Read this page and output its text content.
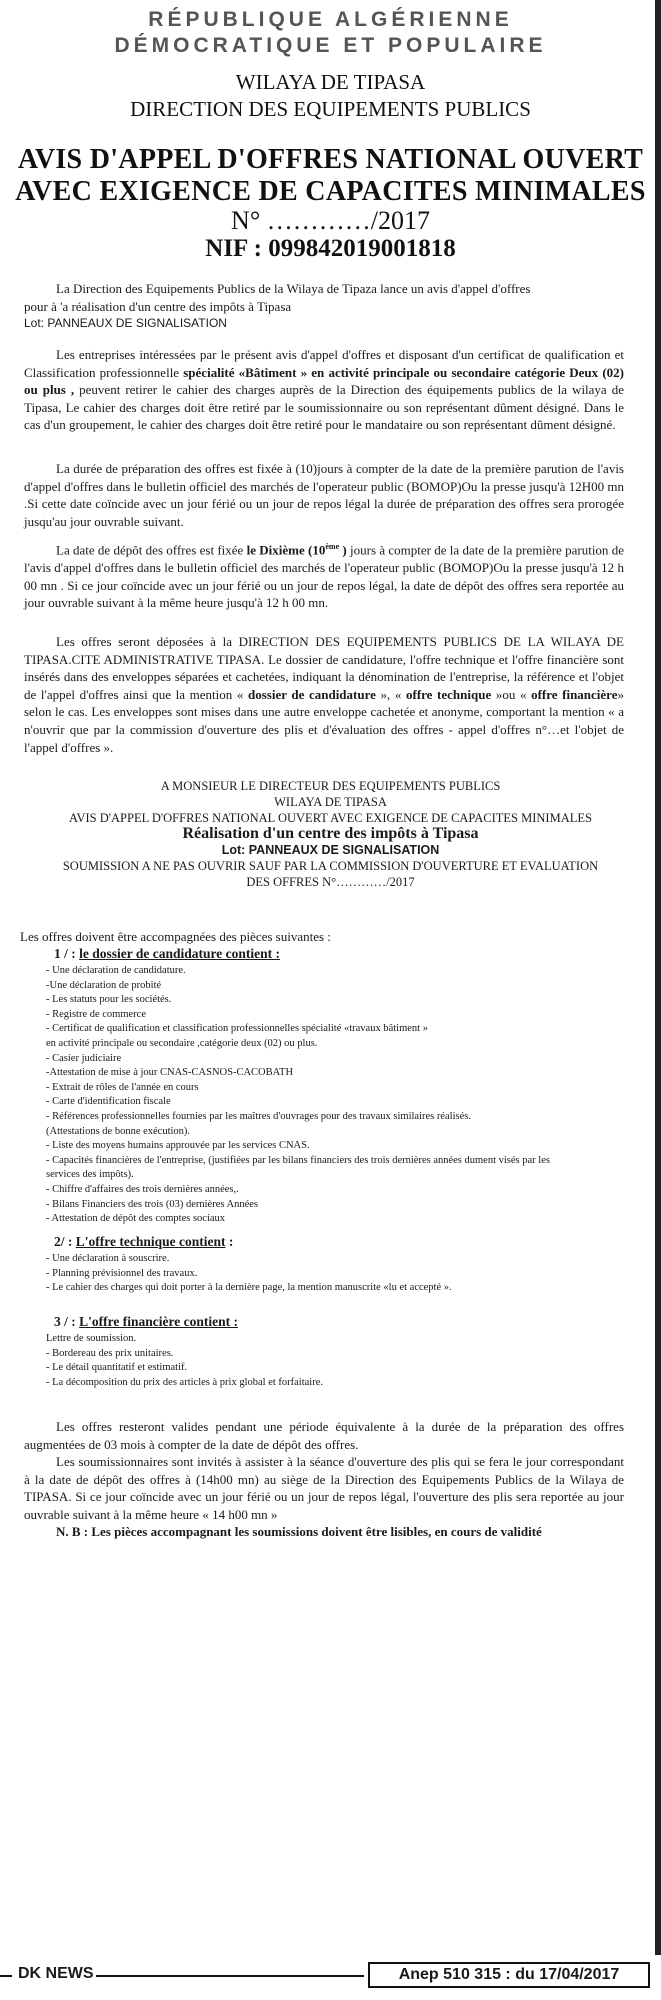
RÉPUBLIQUE ALGÉRIENNE
DÉMOCRATIQUE ET POPULAIRE
WILAYA DE TIPASA
DIRECTION DES EQUIPEMENTS PUBLICS
AVIS D'APPEL D'OFFRES NATIONAL OUVERT
AVEC EXIGENCE DE CAPACITES MINIMALES
N° …………/2017
NIF : 099842019001818

La Direction des Equipements Publics de la Wilaya de Tipaza lance un avis d'appel d'offres

pour à 'a réalisation d'un centre des impôts à Tipasa

Lot: PANNEAUX DE SIGNALISATION

Les entreprises intéressées par le présent avis d'appel d'offres et disposant d'un certificat de qualification et Classification professionnelle spécialité «Bâtiment » en activité principale ou secondaire catégorie Deux (02) ou plus , peuvent retirer le cahier des charges auprès de la Direction des équipements publics de la wilaya de Tipasa, Le cahier des charges doit être retiré par le soumissionnaire ou son représentant dûment désigné. Dans le cas d'un groupement, le cahier des charges doit être retiré pour le mandataire ou son représentant dûment désigné.

La durée de préparation des offres est fixée à (10)jours à compter de la date de la première parution de l'avis d'appel d'offres dans le bulletin officiel des marchés de l'operateur public (BOMOP)Ou la presse jusqu'à 12H00 mn .Si cette date coïncide avec un jour férié ou un jour de repos légal la durée de préparation des offres sera prorogée jusqu'au jour ouvrable suivant.

La date de dépôt des offres est fixée le Dixième (10ème ) jours à compter de la date de la première parution de l'avis d'appel d'offres dans le bulletin officiel des marchés de l'operateur public (BOMOP)Ou la presse jusqu'à 12 h 00 mn . Si ce jour coïncide avec un jour férié ou un jour de repos légal, la date de dépôt des offres sera reportée au jour ouvrable suivant à la même heure jusqu'à 12 h 00 mn.

Les offres seront déposées à la DIRECTION DES EQUIPEMENTS PUBLICS DE LA WILAYA DE TIPASA.CITE ADMINISTRATIVE TIPASA. Le dossier de candidature, l'offre technique et l'offre financière sont insérés dans des enveloppes séparées et cachetées, indiquant la dénomination de l'entreprise, la référence et l'objet de l'appel d'offres ainsi que la mention « dossier de candidature », « offre technique »ou « offre financière» selon le cas. Les enveloppes sont mises dans une autre enveloppe cachetée et anonyme, comportant la mention « a n'ouvrir que par la commission d'ouverture des plis et d'évaluation des offres - appel d'offres n°…et l'objet de l'appel d'offres ».

A MONSIEUR LE DIRECTEUR DES EQUIPEMENTS PUBLICS
WILAYA DE TIPASA
AVIS D'APPEL D'OFFRES NATIONAL OUVERT AVEC EXIGENCE DE CAPACITES MINIMALES
Réalisation d'un centre des impôts à Tipasa
Lot: PANNEAUX DE SIGNALISATION
SOUMISSION A NE PAS OUVRIR SAUF PAR LA COMMISSION D'OUVERTURE ET EVALUATION
DES OFFRES N°…………/2017
Les offres doivent être accompagnées des pièces suivantes :
1 / : le dossier de candidature contient :
- Une déclaration de candidature.
-Une déclaration de probité
- Les statuts pour les sociétés.
- Registre de commerce
- Certificat de qualification et classification professionnelles spécialité «travaux bâtiment »
en activité principale ou secondaire ,catégorie deux (02) ou plus.
- Casier judiciaire
-Attestation de mise à jour CNAS-CASNOS-CACOBATH
- Extrait de rôles de l'année en cours
- Carte d'identification fiscale
- Références professionnelles fournies par les maîtres d'ouvrages pour des travaux similaires réalisés.
(Attestations de bonne exécution).
- Liste des moyens humains approuvée par les services CNAS.
- Capacités financières de l'entreprise, (justifiées par les bilans financiers des trois dernières années dument visés par les
services des impôts).
- Chiffre d'affaires des trois dernières années,.
- Bilans Financiers des trois (03) dernières Années
- Attestation de dépôt des comptes sociaux
2/ : L'offre technique contient :
- Une déclaration à souscrire.
- Planning prévisionnel des travaux.
- Le cahier des charges qui doit porter à la dernière page, la mention manuscrite «lu et accepté ».
3 / : L'offre financière contient :
Lettre de soumission.
- Bordereau des prix unitaires.
- Le détail quantitatif et estimatif.
- La décomposition du prix des articles à prix global et forfaitaire.

Les offres resteront valides pendant une période équivalente à la durée de la préparation des offres augmentées de 03 mois à compter de la date de dépôt des offres.

Les soumissionnaires sont invités à assister à la séance d'ouverture des plis qui se fera le jour correspondant à la date de dépôt des offres à (14h00 mn) au siège de la Direction des Equipements Publics de la Wilaya de TIPASA. Si ce jour coïncide avec un jour férié ou un jour de repos légal, l'ouverture des plis sera reportée au jour ouvrable suivant à la même heure « 14 h00 mn »

N. B : Les pièces accompagnant les soumissions doivent être lisibles, en cours de validité

DK NEWS	Anep 510 315 : du 17/04/2017
